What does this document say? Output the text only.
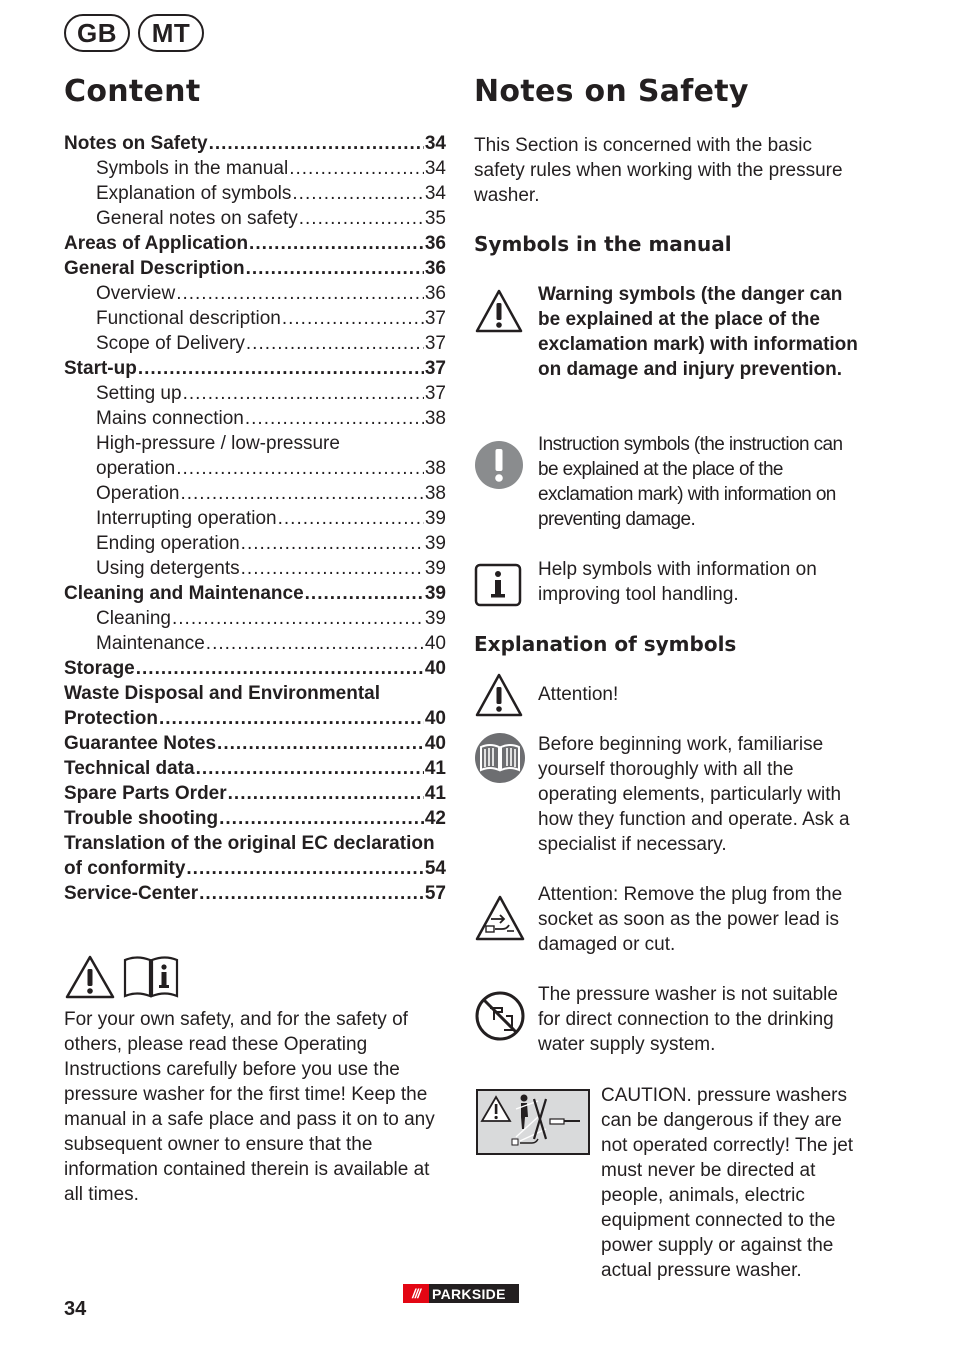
GB	MT
Content	Notes on Safety
Notes on Safety .....	34
Symbols in the manual .....	34
Explanation of symbols .....	34
General notes on safety .....	35
Areas of Application .....	36
General Description .....	36
Overview .....	36
Functional description .....	37
Scope of Delivery .....	37
Start-up .....	37
Setting up .....	37
Mains connection .....	38
High-pressure / low-pressure
operation .....	38
Operation .....	38
Interrupting operation .....	39
Ending operation .....	39
Using detergents .....	39
Cleaning and Maintenance .....	39
Cleaning .....	39
Maintenance .....	40
Storage .....	40
Waste Disposal and Environmental
Protection .....	40
Guarantee Notes .....	40
Technical data .....	41
Spare Parts Order .....	41
Trouble shooting .....	42
Translation of the original EC declaration
of conformity .....	54
Service-Center .....	57
For your own safety, and for the safety of others, please read these Operating Instructions carefully before you use the pressure washer for the first time! Keep the manual in a safe place and pass it on to any subsequent owner to ensure that the information contained therein is available at all times.
This Section is concerned with the basic safety rules when working with the pressure washer.
Symbols in the manual
Warning symbols (the danger can be explained at the place of the exclamation mark) with information on damage and injury prevention.
Instruction symbols (the instruction can be explained at the place of the exclamation mark) with information on preventing damage.
Help symbols with information on improving tool handling.
Explanation of symbols
Attention!
Before beginning work, familiarise yourself thoroughly with all the operating elements, particularly with how they function and operate. Ask a specialist if necessary.
Attention: Remove the plug from the socket as soon as the power lead is damaged or cut.
The pressure washer is not suitable for direct connection to the drinking water supply system.
CAUTION. pressure washers can be dangerous if they are not operated correctly! The jet must never be directed at people, animals, electric equipment connected to the power supply or against the actual pressure washer.
34
/// PARKSIDE
